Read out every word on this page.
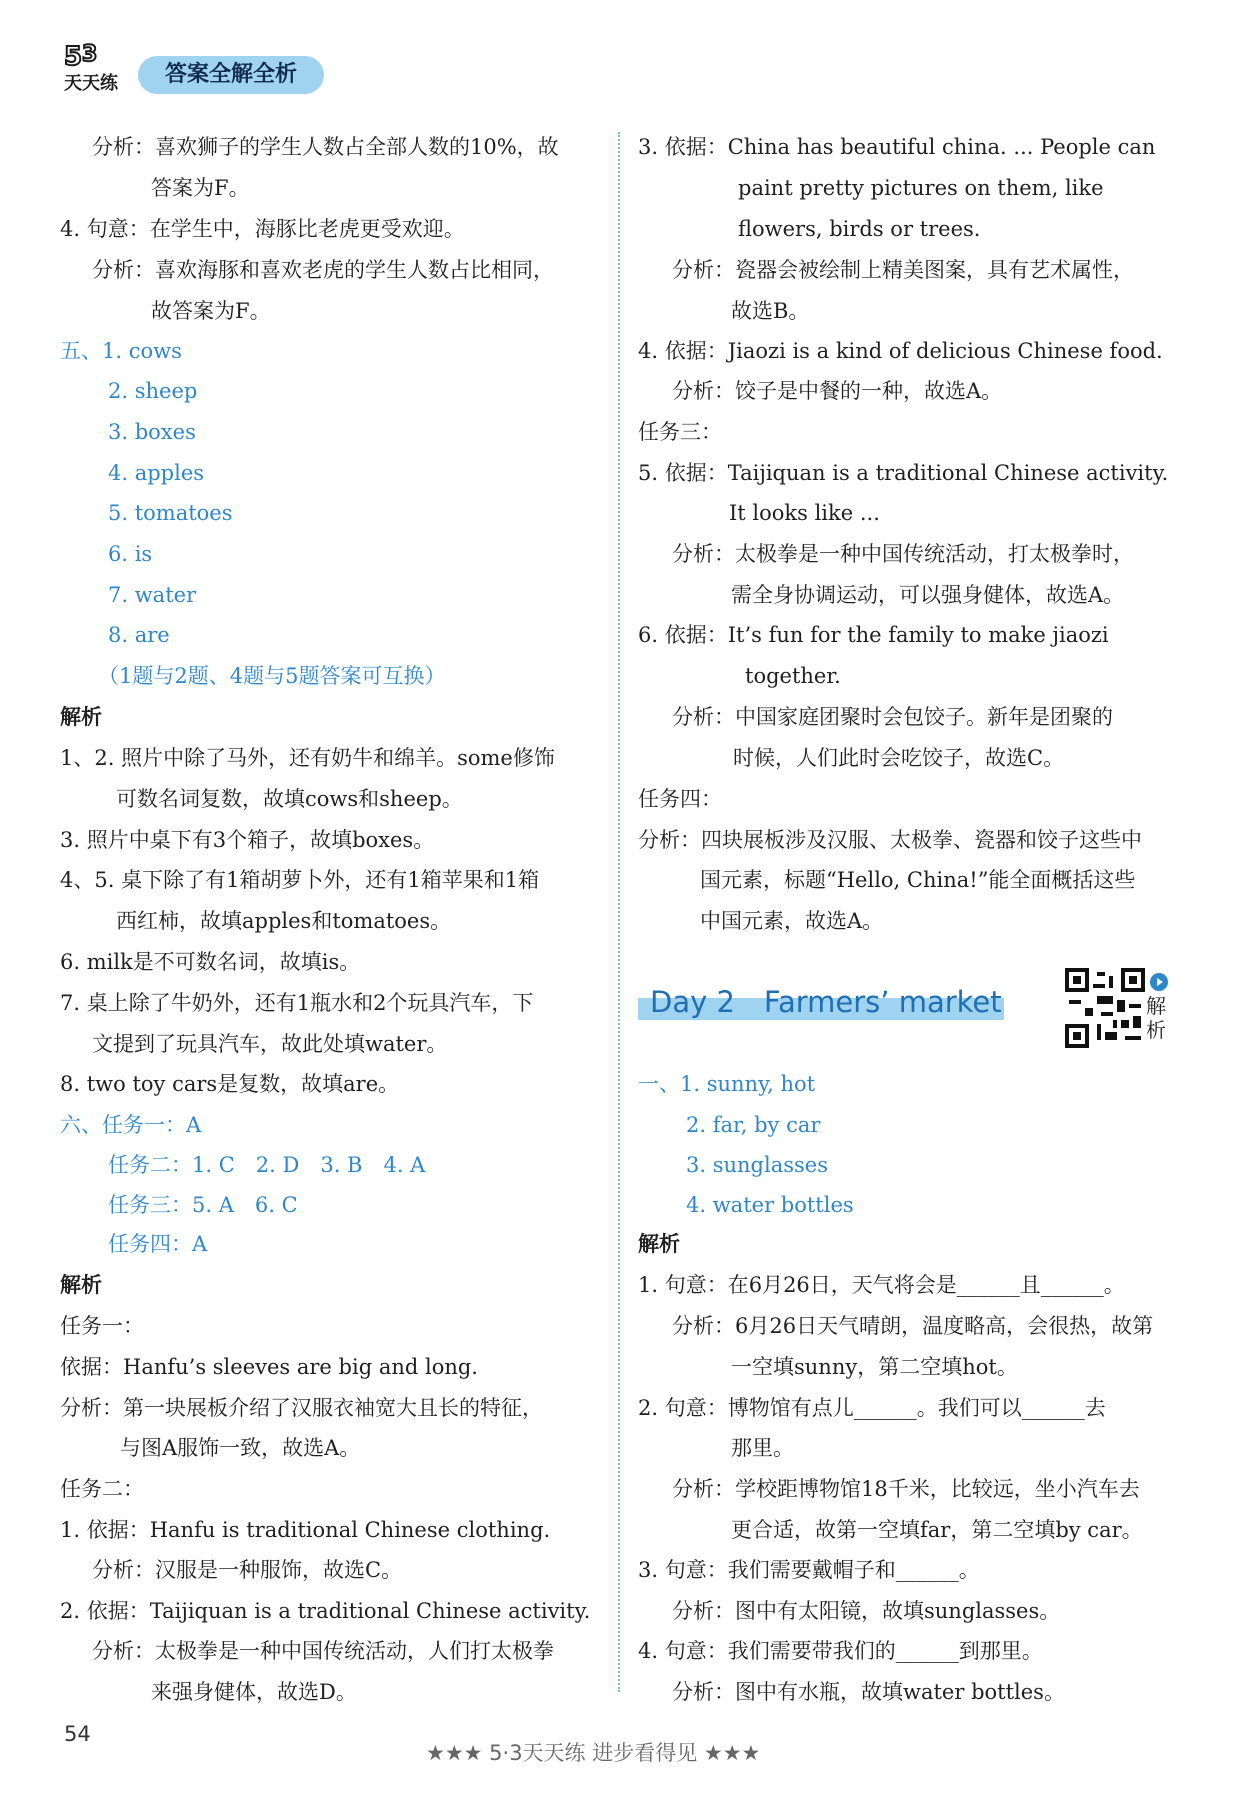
5 3
天天练	答案全解全析
分析：喜欢狮子的学生人数占全部人数的10%，故
答案为F。
4. 句意：在学生中，海豚比老虎更受欢迎。
分析：喜欢海豚和喜欢老虎的学生人数占比相同，
故答案为F。
五、1. cows
2. sheep
3. boxes
4. apples
5. tomatoes
6. is
7. water
8. are
（1题与2题、4题与5题答案可互换）
解析
1、2. 照片中除了马外，还有奶牛和绵羊。some修饰
可数名词复数，故填cows和sheep。
3. 照片中桌下有3个箱子，故填boxes。
4、5. 桌下除了有1箱胡萝卜外，还有1箱苹果和1箱
西红柿，故填apples和tomatoes。
6. milk是不可数名词，故填is。
7. 桌上除了牛奶外，还有1瓶水和2个玩具汽车，下
文提到了玩具汽车，故此处填water。
8. two toy cars是复数，故填are。
六、任务一：A
任务二：1. C　2. D　3. B　4. A
任务三：5. A　6. C
任务四：A
解析
任务一：
依据：Hanfu’s sleeves are big and long.
分析：第一块展板介绍了汉服衣袖宽大且长的特征，
与图A服饰一致，故选A。
任务二：
1. 依据：Hanfu is traditional Chinese clothing.
分析：汉服是一种服饰，故选C。
2. 依据：Taijiquan is a traditional Chinese activity.
分析：太极拳是一种中国传统活动，人们打太极拳
来强身健体，故选D。
3. 依据：China has beautiful china. ... People can
paint pretty pictures on them, like
flowers, birds or trees.
分析：瓷器会被绘制上精美图案，具有艺术属性，
故选B。
4. 依据：Jiaozi is a kind of delicious Chinese food.
分析：饺子是中餐的一种，故选A。
任务三：
5. 依据：Taijiquan is a traditional Chinese activity.
It looks like ...
分析：太极拳是一种中国传统活动，打太极拳时，
需全身协调运动，可以强身健体，故选A。
6. 依据：It’s fun for the family to make jiaozi
together.
分析：中国家庭团聚时会包饺子。新年是团聚的
时候，人们此时会吃饺子，故选C。
任务四：
分析：四块展板涉及汉服、太极拳、瓷器和饺子这些中
国元素，标题“Hello, China!”能全面概括这些
中国元素，故选A。
一、1. sunny, hot
2. far, by car
3. sunglasses
4. water bottles
解析
1. 句意：在6月26日，天气将会是______且______。
分析：6月26日天气晴朗，温度略高，会很热，故第
一空填sunny，第二空填hot。
2. 句意：博物馆有点儿______。我们可以______去
那里。
分析：学校距博物馆18千米，比较远，坐小汽车去
更合适，故第一空填far，第二空填by car。
3. 句意：我们需要戴帽子和______。
分析：图中有太阳镜，故填sunglasses。
4. 句意：我们需要带我们的______到那里。
分析：图中有水瓶，故填water bottles。
Day 2　Farmers’ market	解析
54
★★★ 5·3天天练 进步看得见 ★★★
